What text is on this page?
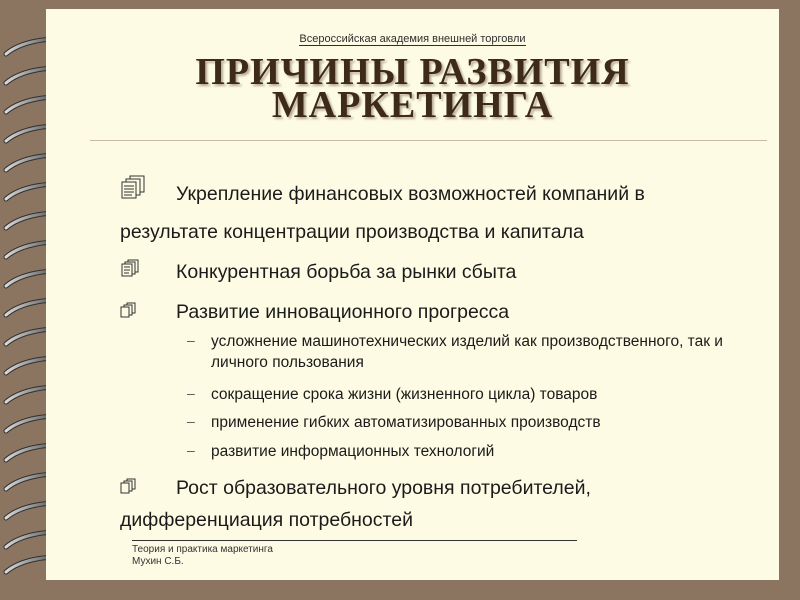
Всероссийская академия внешней торговли
ПРИЧИНЫ РАЗВИТИЯ
МАРКЕТИНГА
Укрепление финансовых возможностей компаний в
результате концентрации производства и капитала
Конкурентная борьба за рынки сбыта
Развитие инновационного прогресса
– усложнение машинотехнических изделий как производственного, так и
личного пользования
– сокращение срока жизни (жизненного цикла) товаров
– применение гибких автоматизированных производств
– развитие информационных технологий
Рост образовательного уровня потребителей,
дифференциация потребностей
Теория и практика маркетинга
Мухин С.Б.
